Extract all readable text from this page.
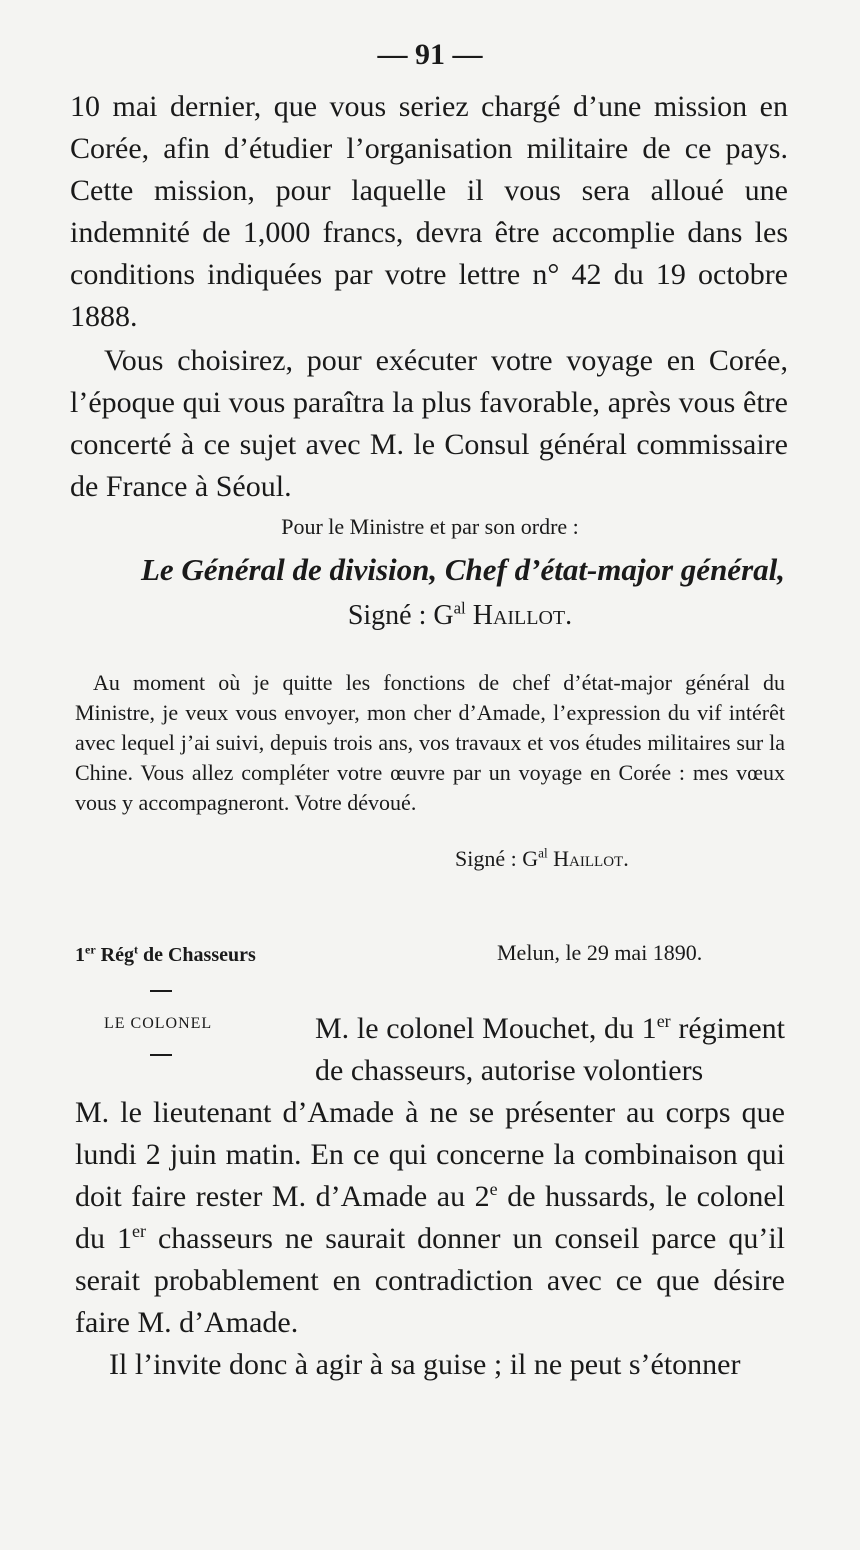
— 91 —

10 mai dernier, que vous seriez chargé d’une mission en Corée, afin d’étudier l’organisation militaire de ce pays. Cette mission, pour laquelle il vous sera alloué une indemnité de 1,000 francs, devra être accomplie dans les conditions indiquées par votre lettre n° 42 du 19 octobre 1888.

Vous choisirez, pour exécuter votre voyage en Corée, l’époque qui vous paraîtra la plus favorable, après vous être concerté à ce sujet avec M. le Consul général commissaire de France à Séoul.

Pour le Ministre et par son ordre :
Le Général de division, Chef d’état-major général,
Signé : $G^{al}$ Haillot.

Au moment où je quitte les fonctions de chef d’état-major général du Ministre, je veux vous envoyer, mon cher d’Amade, l’expression du vif intérêt avec lequel j’ai suivi, depuis trois ans, vos travaux et vos études militaires sur la Chine. Vous allez compléter votre œuvre par un voyage en Corée : mes vœux vous y accompagneront. Votre dévoué.

Signé : $G^{al}$ Haillot.
1er Rég$^t$ de Chasseurs	Melun, le 29 mai 1890.
LE COLONEL	M. le colonel Mouchet, du 1er régiment de chasseurs, autorise volontiers

M. le lieutenant d’Amade à ne se présenter au corps que lundi 2 juin matin. En ce qui concerne la combinaison qui doit faire rester M. d’Amade au 2e de hussards, le colonel du 1er chasseurs ne saurait donner un conseil parce qu’il serait probablement en contradiction avec ce que désire faire M. d’Amade.

Il l’invite donc à agir à sa guise ; il ne peut s’étonner
